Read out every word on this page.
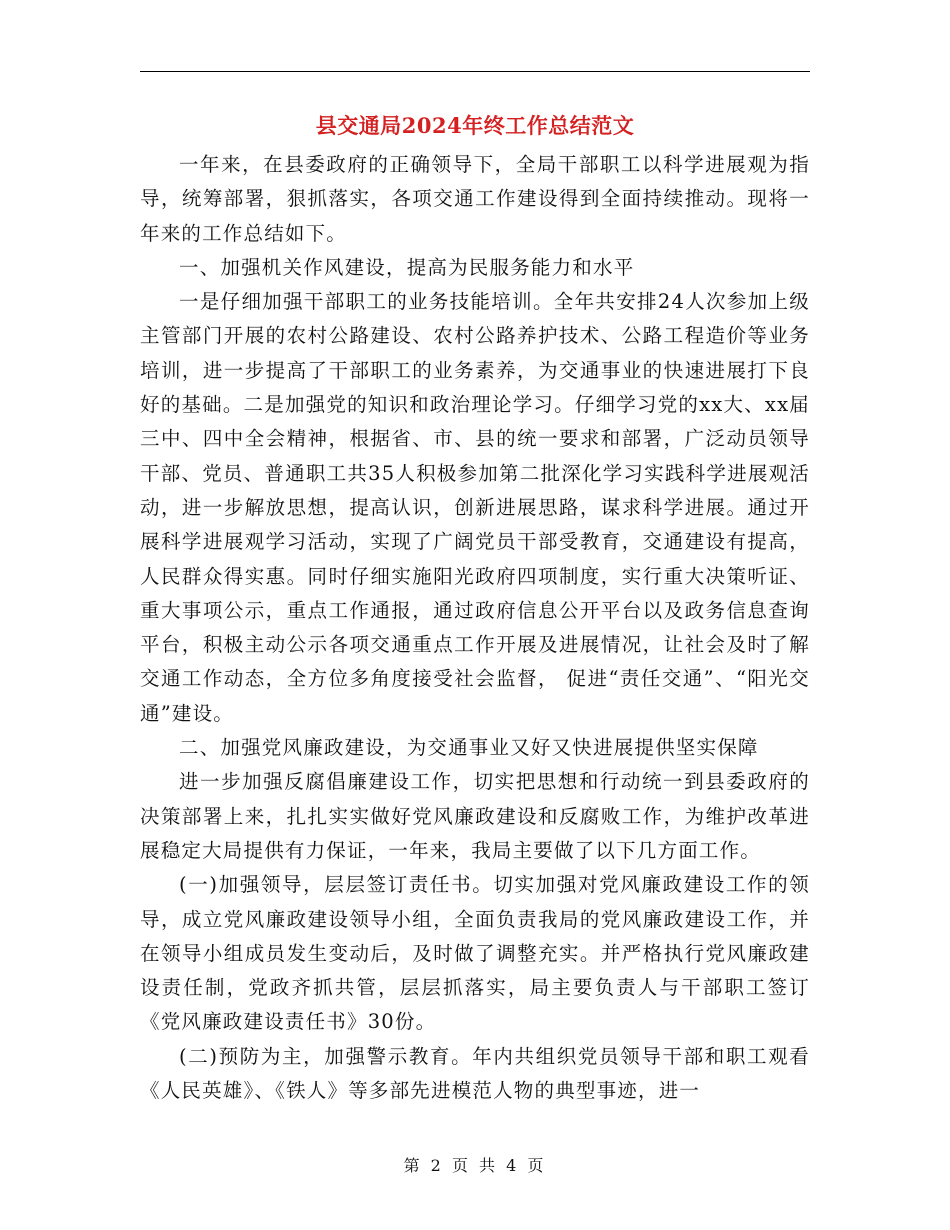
县交通局2024年终工作总结范文

一年来，在县委政府的正确领导下，全局干部职工以科学进展观为指导，统筹部署，狠抓落实，各项交通工作建设得到全面持续推动。现将一年来的工作总结如下。

一、加强机关作风建设，提高为民服务能力和水平

一是仔细加强干部职工的业务技能培训。全年共安排24人次参加上级主管部门开展的农村公路建设、农村公路养护技术、公路工程造价等业务培训，进一步提高了干部职工的业务素养，为交通事业的快速进展打下良好的基础。二是加强党的知识和政治理论学习。仔细学习党的xx大、xx届三中、四中全会精神，根据省、市、县的统一要求和部署，广泛动员领导干部、党员、普通职工共35人积极参加第二批深化学习实践科学进展观活动，进一步解放思想，提高认识，创新进展思路，谋求科学进展。通过开展科学进展观学习活动，实现了广阔党员干部受教育，交通建设有提高，人民群众得实惠。同时仔细实施阳光政府四项制度，实行重大决策听证、重大事项公示，重点工作通报，通过政府信息公开平台以及政务信息查询平台，积极主动公示各项交通重点工作开展及进展情况，让社会及时了解交通工作动态，全方位多角度接受社会监督， 促进“责任交通”、“阳光交通”建设。

二、加强党风廉政建设，为交通事业又好又快进展提供坚实保障

进一步加强反腐倡廉建设工作，切实把思想和行动统一到县委政府的决策部署上来，扎扎实实做好党风廉政建设和反腐败工作，为维护改革进展稳定大局提供有力保证，一年来，我局主要做了以下几方面工作。

(一)加强领导，层层签订责任书。切实加强对党风廉政建设工作的领导，成立党风廉政建设领导小组，全面负责我局的党风廉政建设工作，并在领导小组成员发生变动后，及时做了调整充实。并严格执行党风廉政建设责任制，党政齐抓共管，层层抓落实，局主要负责人与干部职工签订《党风廉政建设责任书》30份。

(二)预防为主，加强警示教育。年内共组织党员领导干部和职工观看《人民英雄》、《铁人》等多部先进模范人物的典型事迹，进一

第 2 页 共 4 页
